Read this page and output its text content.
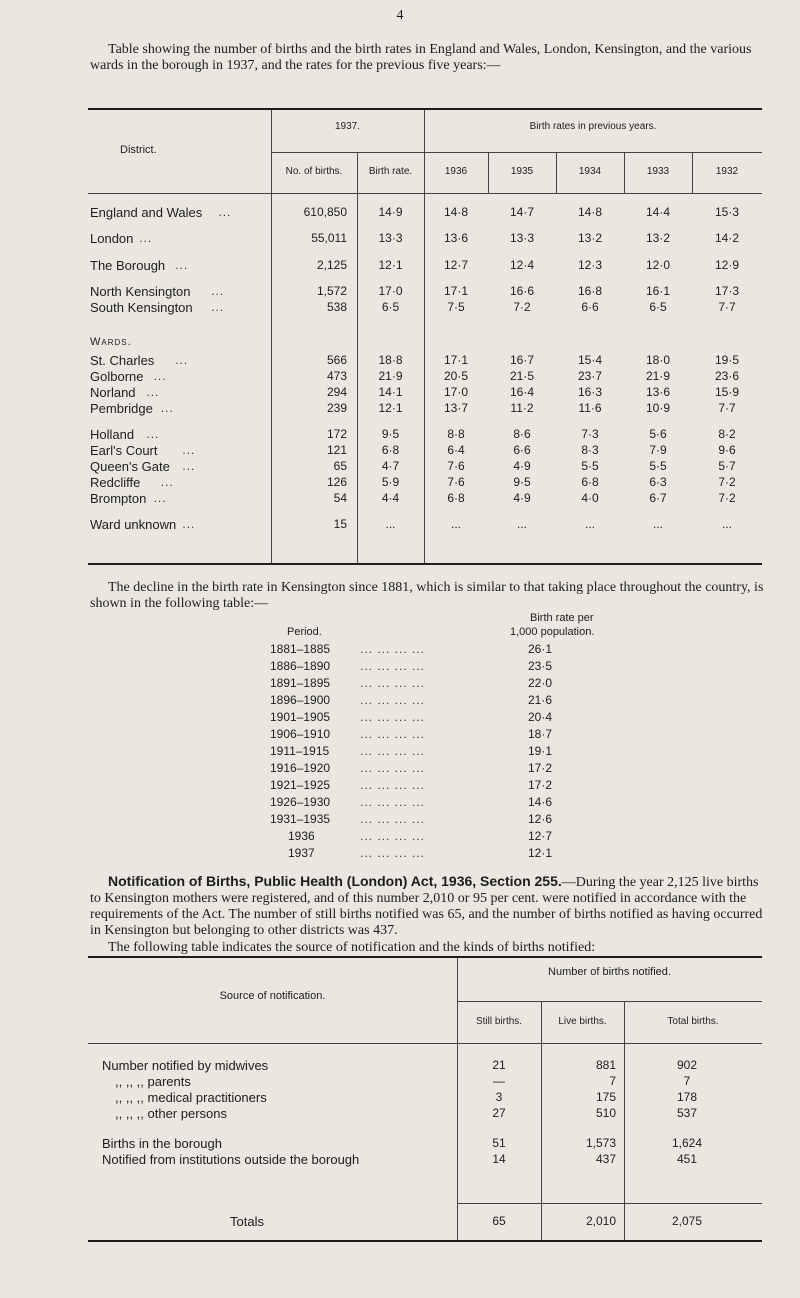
4
Table showing the number of births and the birth rates in England and Wales, London, Kensington, and the various wards in the borough in 1937, and the rates for the previous five years:—
District.
1937.	Birth rates in previous years.
No. of births.	Birth rate.	1936	1935	1934	1933	1932
Wards.
England and Wales ...	610,850	14·9	14·8	14·7	14·8	14·4	15·3
London ...	55,011	13·3	13·6	13·3	13·2	13·2	14·2
The Borough ...	2,125	12·1	12·7	12·4	12·3	12·0	12·9
North Kensington ...	1,572	17·0	17·1	16·6	16·8	16·1	17·3
South Kensington ...	538	6·5	7·5	7·2	6·6	6·5	7·7
St. Charles ...	566	18·8	17·1	16·7	15·4	18·0	19·5
Golborne ...	473	21·9	20·5	21·5	23·7	21·9	23·6
Norland ...	294	14·1	17·0	16·4	16·3	13·6	15·9
Pembridge ...	239	12·1	13·7	11·2	11·6	10·9	7·7
Holland ...	172	9·5	8·8	8·6	7·3	5·6	8·2
Earl's Court ...	121	6·8	6·4	6·6	8·3	7·9	9·6
Queen's Gate ...	65	4·7	7·6	4·9	5·5	5·5	5·7
Redcliffe ...	126	5·9	7·6	9·5	6·8	6·3	7·2
Brompton ...	54	4·4	6·8	4·9	4·0	6·7	7·2
Ward unknown ...	15	...	...	...	...	...	...
The decline in the birth rate in Kensington since 1881, which is similar to that taking place throughout the country, is shown in the following table:—
Period.
Birth rate per
1,000 population.
1881–1885 ... ... ... ...	26·1
1886–1890 ... ... ... ...	23·5
1891–1895 ... ... ... ...	22·0
1896–1900 ... ... ... ...	21·6
1901–1905 ... ... ... ...	20·4
1906–1910 ... ... ... ...	18·7
1911–1915	... ... ... ...	19·1
1916–1920 ... ... ... ...	17·2
1921–1925 ... ... ... ...	17·2
1926–1930 ... ... ... ...	14·6
1931–1935 ... ... ... ...	12·6
1936	... ... ... ...	12·7
1937	... ... ... ...	12·1
Notification of Births, Public Health (London) Act, 1936, Section 255.—During the year 2,125 live births to Kensington mothers were registered, and of this number 2,010 or 95 per cent. were notified in accordance with the requirements of the Act. The number of still births notified was 65, and the number of births notified as having occurred in Kensington but belonging to other districts was 437.
The following table indicates the source of notification and the kinds of births notified:
Source of notification.
Number of births notified.
Still births.	Live births.	Total births.
Number notified by midwives	21	881	902
,, ,, ,, parents	—	7	7
,, ,, ,, medical practitioners	3	175	178
,, ,, ,, other persons	27	510	537
Births in the borough	51	1,573	1,624
Notified from institutions outside the borough	14	437	451
Totals	65	2,010	2,075
